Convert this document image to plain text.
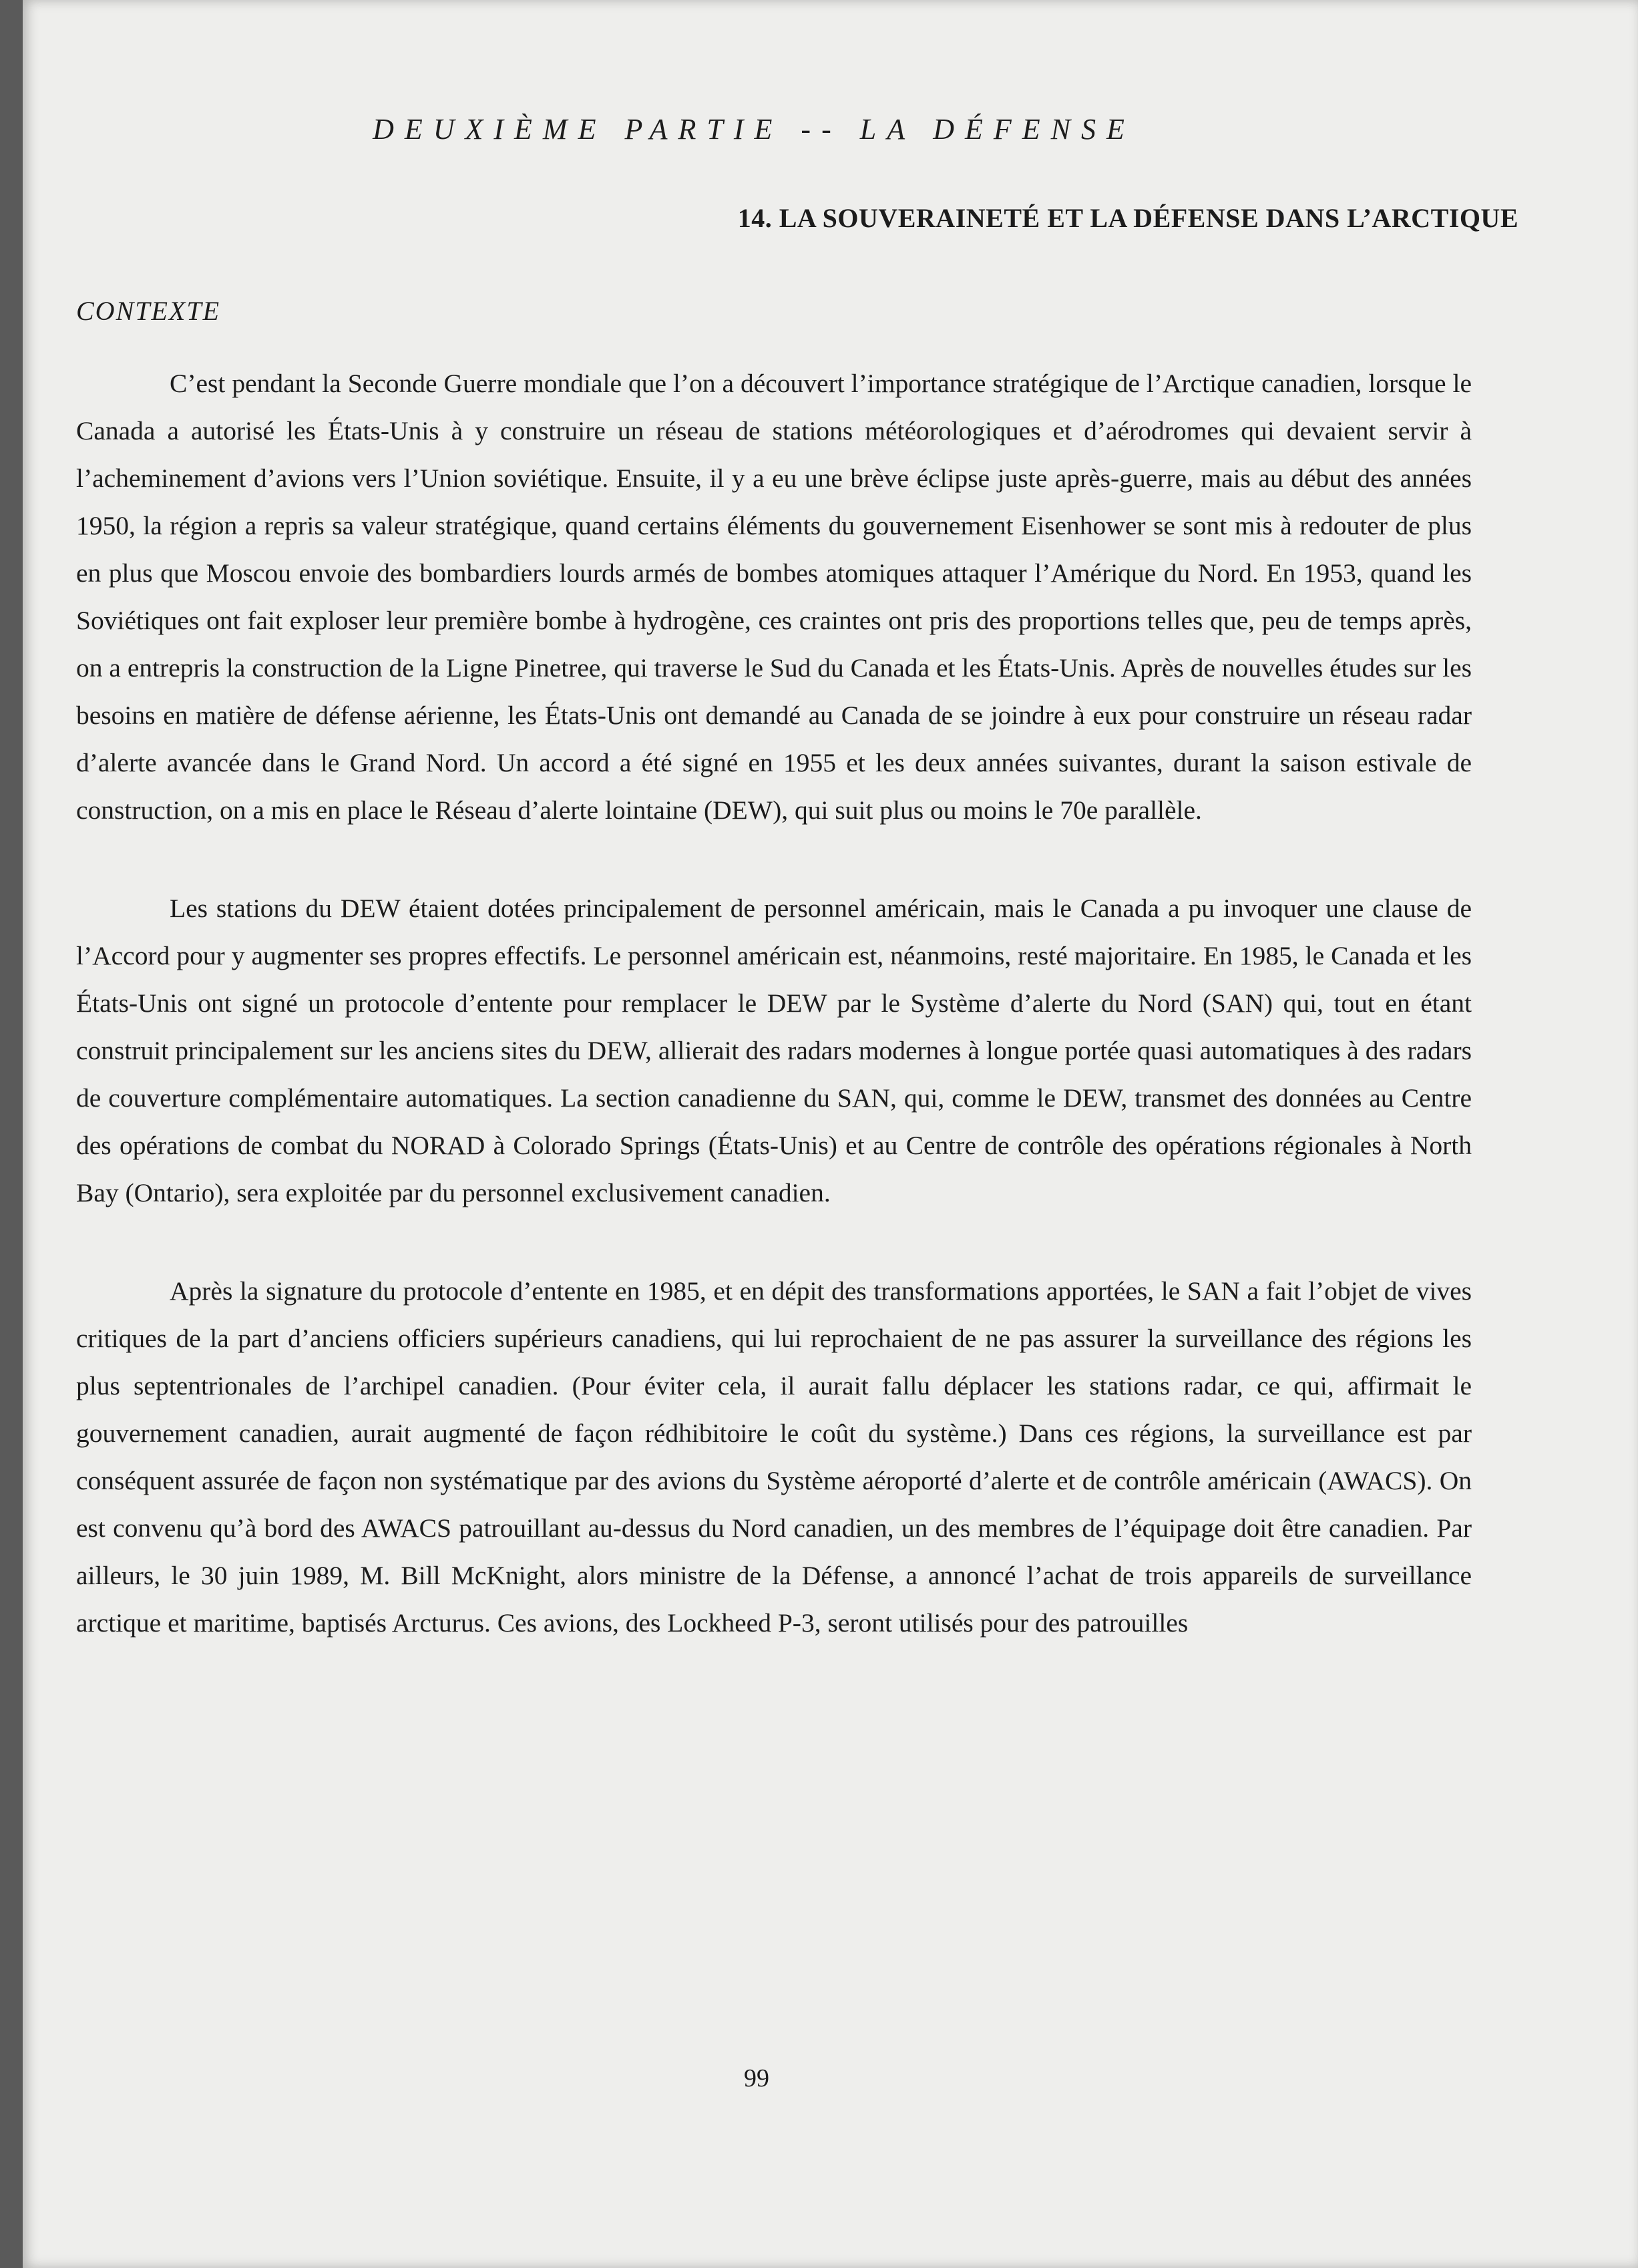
DEUXIÈME PARTIE -- LA DÉFENSE
14. LA SOUVERAINETÉ ET LA DÉFENSE DANS L’ARCTIQUE
CONTEXTE

C’est pendant la Seconde Guerre mondiale que l’on a découvert l’importance stratégique de l’Arctique canadien, lorsque le Canada a autorisé les États-Unis à y construire un réseau de stations météorologiques et d’aérodromes qui devaient servir à l’acheminement d’avions vers l’Union soviétique. Ensuite, il y a eu une brève éclipse juste après-guerre, mais au début des années 1950, la région a repris sa valeur stratégique, quand certains éléments du gouvernement Eisenhower se sont mis à redouter de plus en plus que Moscou envoie des bombardiers lourds armés de bombes atomiques attaquer l’Amérique du Nord. En 1953, quand les Soviétiques ont fait exploser leur première bombe à hydrogène, ces craintes ont pris des proportions telles que, peu de temps après, on a entrepris la construction de la Ligne Pinetree, qui traverse le Sud du Canada et les États-Unis. Après de nouvelles études sur les besoins en matière de défense aérienne, les États-Unis ont demandé au Canada de se joindre à eux pour construire un réseau radar d’alerte avancée dans le Grand Nord. Un accord a été signé en 1955 et les deux années suivantes, durant la saison estivale de construction, on a mis en place le Réseau d’alerte lointaine (DEW), qui suit plus ou moins le 70e parallèle.

Les stations du DEW étaient dotées principalement de personnel américain, mais le Canada a pu invoquer une clause de l’Accord pour y augmenter ses propres effectifs. Le personnel américain est, néanmoins, resté majoritaire. En 1985, le Canada et les États-Unis ont signé un protocole d’entente pour remplacer le DEW par le Système d’alerte du Nord (SAN) qui, tout en étant construit principalement sur les anciens sites du DEW, allierait des radars modernes à longue portée quasi automatiques à des radars de couverture complémentaire automatiques. La section canadienne du SAN, qui, comme le DEW, transmet des données au Centre des opérations de combat du NORAD à Colorado Springs (États-Unis) et au Centre de contrôle des opérations régionales à North Bay (Ontario), sera exploitée par du personnel exclusivement canadien.

Après la signature du protocole d’entente en 1985, et en dépit des transformations apportées, le SAN a fait l’objet de vives critiques de la part d’anciens officiers supérieurs canadiens, qui lui reprochaient de ne pas assurer la surveillance des régions les plus septentrionales de l’archipel canadien. (Pour éviter cela, il aurait fallu déplacer les stations radar, ce qui, affirmait le gouvernement canadien, aurait augmenté de façon rédhibitoire le coût du système.) Dans ces régions, la surveillance est par conséquent assurée de façon non systématique par des avions du Système aéroporté d’alerte et de contrôle américain (AWACS). On est convenu qu’à bord des AWACS patrouillant au-dessus du Nord canadien, un des membres de l’équipage doit être canadien. Par ailleurs, le 30 juin 1989, M. Bill McKnight, alors ministre de la Défense, a annoncé l’achat de trois appareils de surveillance arctique et maritime, baptisés Arcturus. Ces avions, des Lockheed P-3, seront utilisés pour des patrouilles

99
